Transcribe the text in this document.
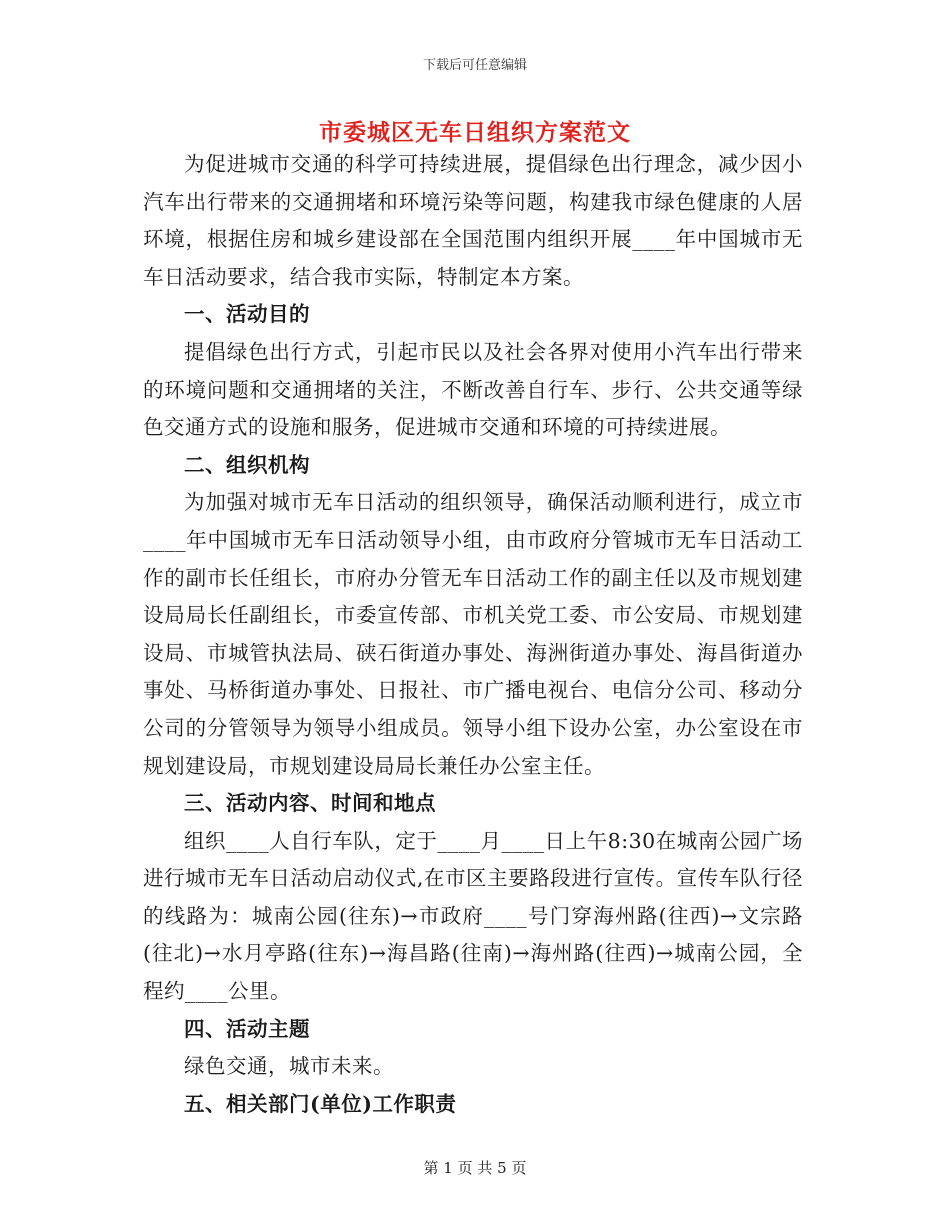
下载后可任意编辑
市委城区无车日组织方案范文

为促进城市交通的科学可持续进展，提倡绿色出行理念，减少因小汽车出行带来的交通拥堵和环境污染等问题，构建我市绿色健康的人居环境，根据住房和城乡建设部在全国范围内组织开展____年中国城市无车日活动要求，结合我市实际，特制定本方案。

一、活动目的

提倡绿色出行方式，引起市民以及社会各界对使用小汽车出行带来的环境问题和交通拥堵的关注，不断改善自行车、步行、公共交通等绿色交通方式的设施和服务，促进城市交通和环境的可持续进展。

二、组织机构

为加强对城市无车日活动的组织领导，确保活动顺利进行，成立市____年中国城市无车日活动领导小组，由市政府分管城市无车日活动工作的副市长任组长，市府办分管无车日活动工作的副主任以及市规划建设局局长任副组长，市委宣传部、市机关党工委、市公安局、市规划建设局、市城管执法局、硖石街道办事处、海洲街道办事处、海昌街道办事处、马桥街道办事处、日报社、市广播电视台、电信分公司、移动分公司的分管领导为领导小组成员。领导小组下设办公室，办公室设在市规划建设局，市规划建设局局长兼任办公室主任。

三、活动内容、时间和地点

组织____人自行车队，定于____月____日上午8:30在城南公园广场进行城市无车日活动启动仪式,在市区主要路段进行宣传。宣传车队行径的线路为：城南公园(往东)→市政府____号门穿海州路(往西)→文宗路(往北)→水月亭路(往东)→海昌路(往南)→海州路(往西)→城南公园，全程约____公里。

四、活动主题

绿色交通，城市未来。

五、相关部门(单位)工作职责
第 1 页 共 5 页
